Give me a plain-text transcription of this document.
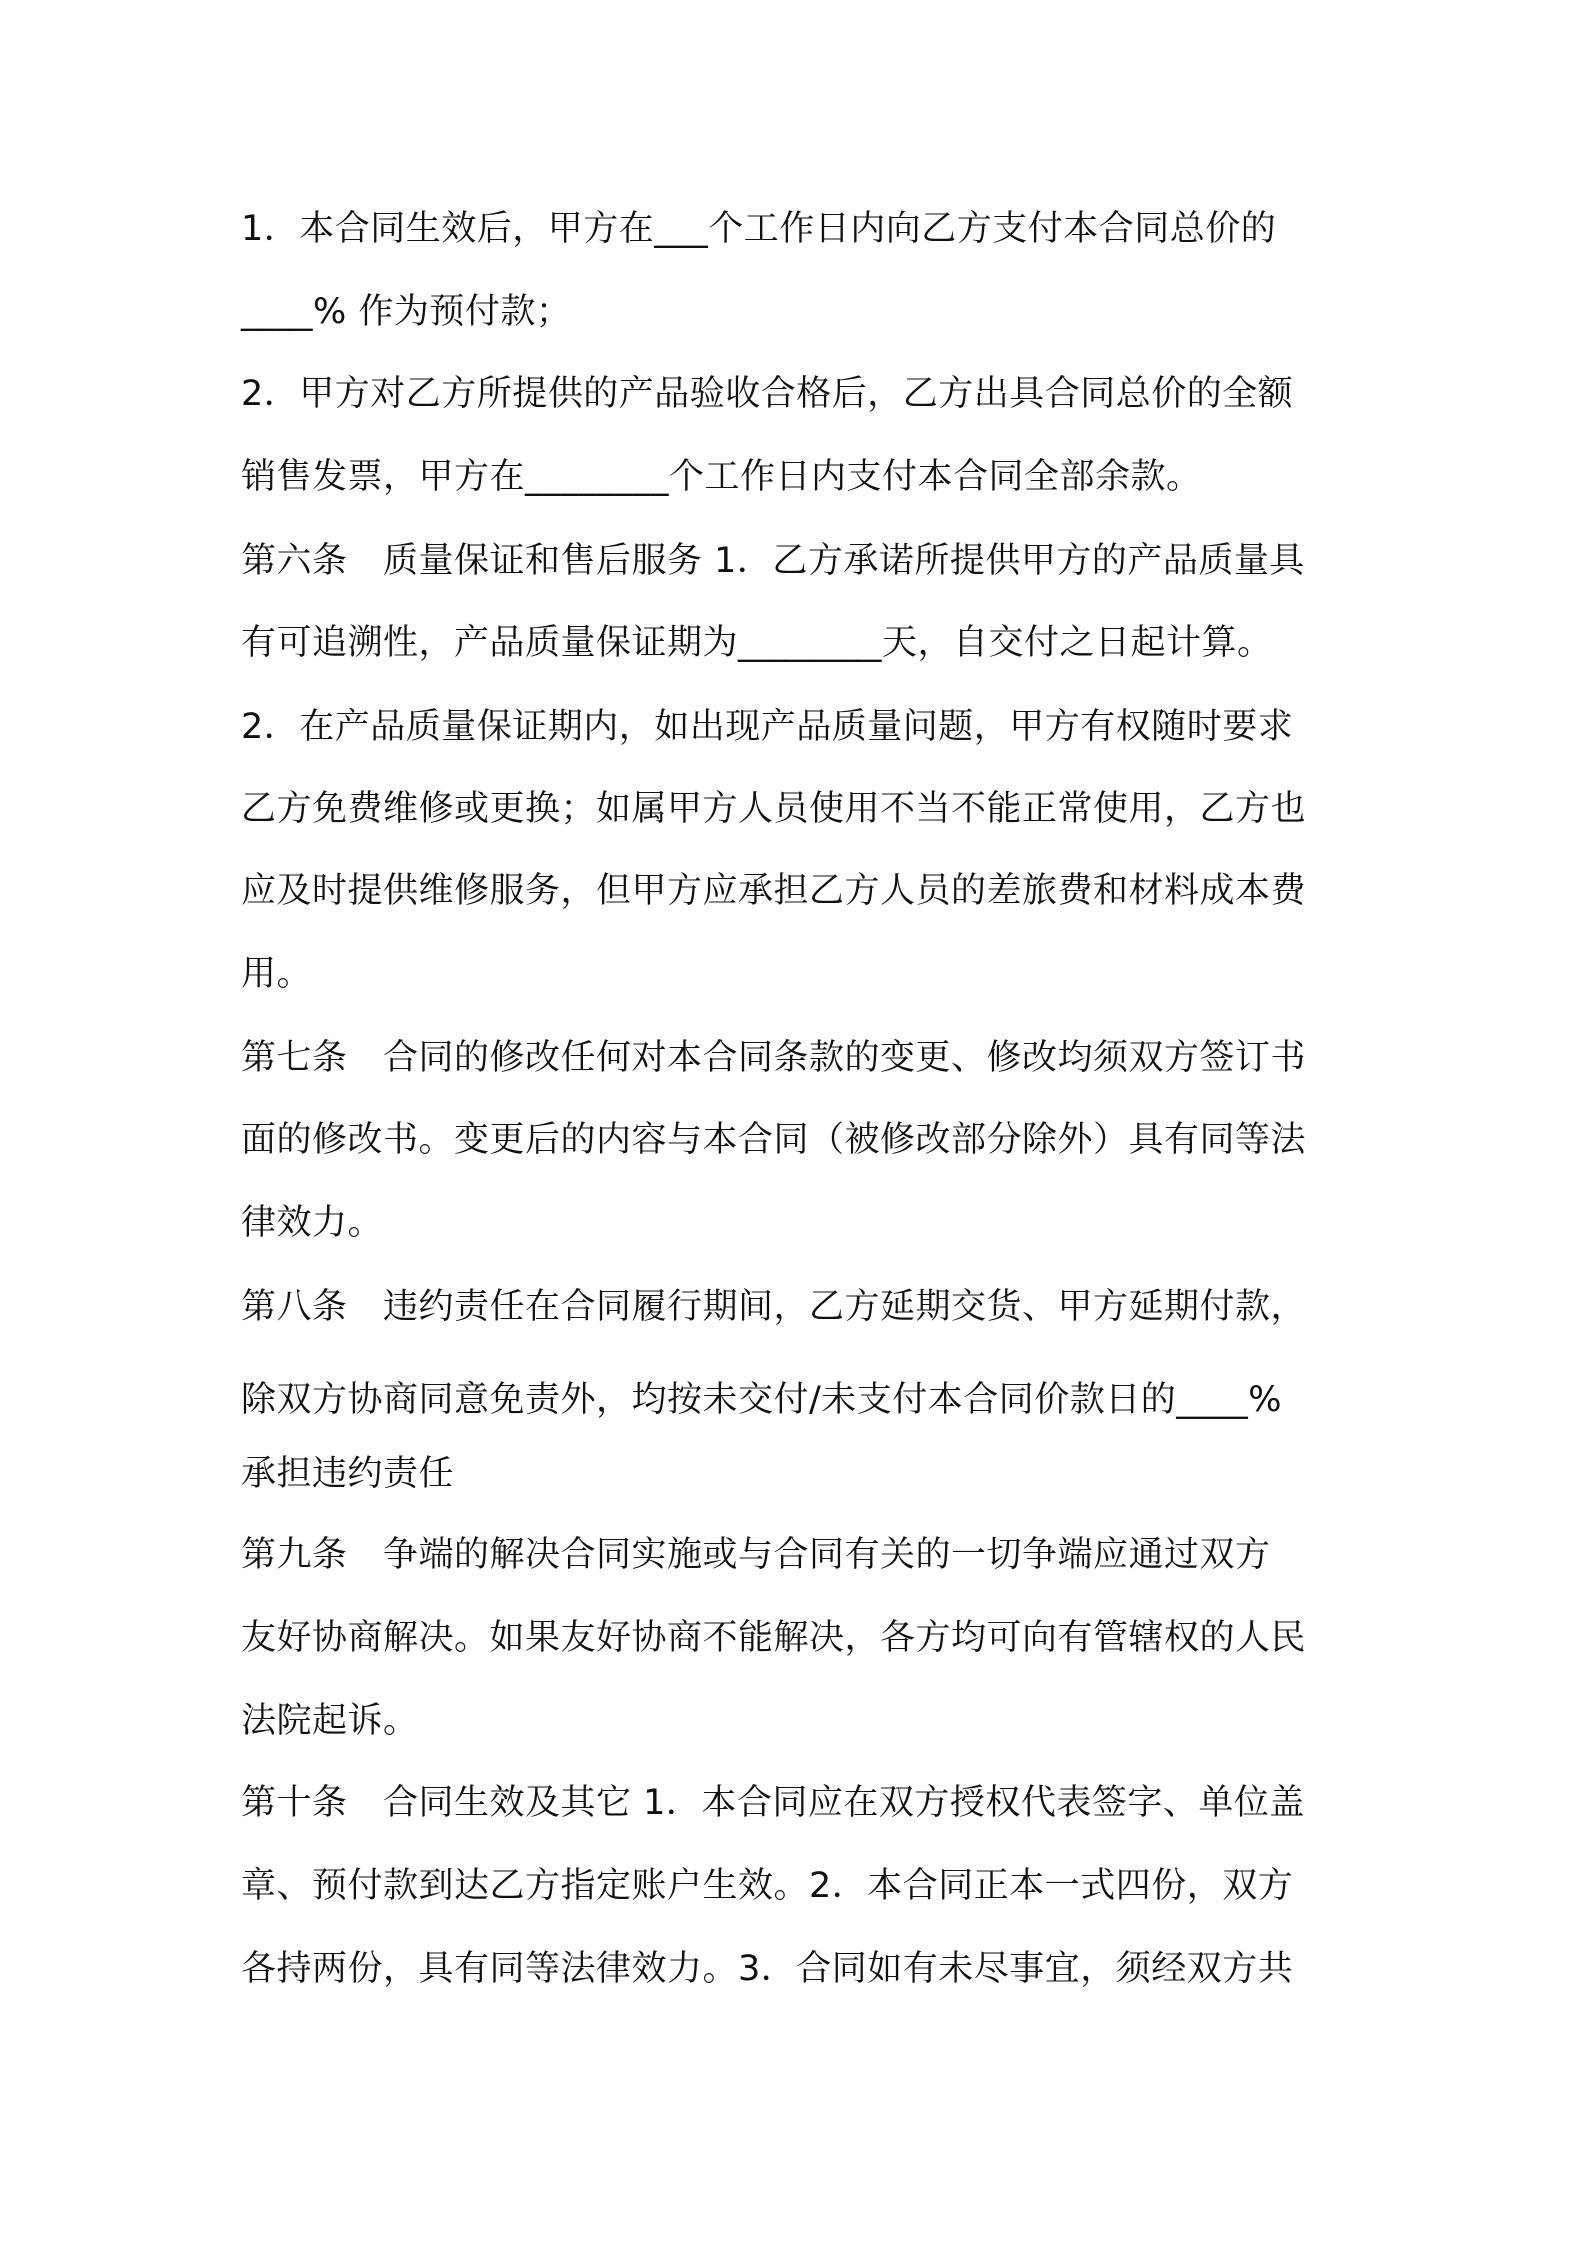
1．本合同生效后，甲方在___个工作日内向乙方支付本合同总价的
____% 作为预付款；
2．甲方对乙方所提供的产品验收合格后，乙方出具合同总价的全额
销售发票，甲方在________个工作日内支付本合同全部余款。
第六条　质量保证和售后服务 1．乙方承诺所提供甲方的产品质量具
有可追溯性，产品质量保证期为________天，自交付之日起计算。
2．在产品质量保证期内，如出现产品质量问题，甲方有权随时要求
乙方免费维修或更换；如属甲方人员使用不当不能正常使用，乙方也
应及时提供维修服务，但甲方应承担乙方人员的差旅费和材料成本费
用。
第七条　合同的修改任何对本合同条款的变更、修改均须双方签订书
面的修改书。变更后的内容与本合同（被修改部分除外）具有同等法
律效力。
第八条　违约责任在合同履行期间，乙方延期交货、甲方延期付款，
除双方协商同意免责外，均按未交付/未支付本合同价款日的____%
承担违约责任
第九条　争端的解决合同实施或与合同有关的一切争端应通过双方
友好协商解决。如果友好协商不能解决，各方均可向有管辖权的人民
法院起诉。
第十条　合同生效及其它 1．本合同应在双方授权代表签字、单位盖
章、预付款到达乙方指定账户生效。2．本合同正本一式四份，双方
各持两份，具有同等法律效力。3．合同如有未尽事宜，须经双方共
